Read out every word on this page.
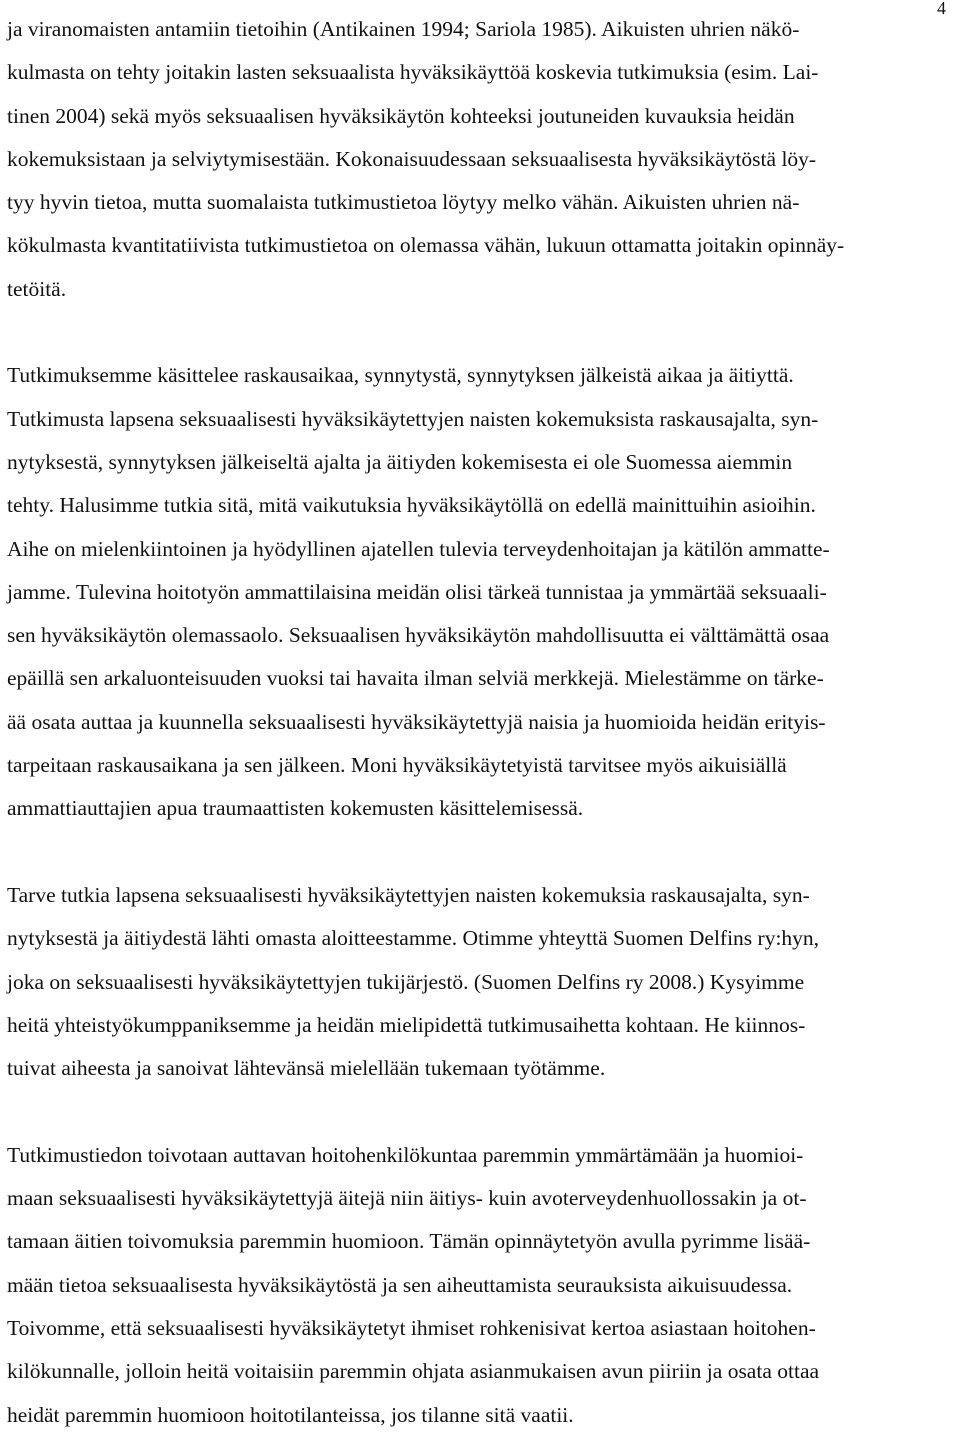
4
ja viranomaisten antamiin tietoihin (Antikainen 1994; Sariola 1985). Aikuisten uhrien näkö-
kulmasta on tehty joitakin lasten seksuaalista hyväksikäyttöä koskevia tutkimuksia (esim. Lai-
tinen 2004) sekä myös seksuaalisen hyväksikäytön kohteeksi joutuneiden kuvauksia heidän
kokemuksistaan ja selviytymisestään. Kokonaisuudessaan seksuaalisesta hyväksikäytöstä löy-
tyy hyvin tietoa, mutta suomalaista tutkimustietoa löytyy melko vähän. Aikuisten uhrien nä-
kökulmasta kvantitatiivista tutkimustietoa on olemassa vähän, lukuun ottamatta joitakin opinnäy-
tetöitä.
Tutkimuksemme käsittelee raskausaikaa, synnytystä, synnytyksen jälkeistä aikaa ja äitiyttä.
Tutkimusta lapsena seksuaalisesti hyväksikäytettyjen naisten kokemuksista raskausajalta, syn-
nytyksestä, synnytyksen jälkeiseltä ajalta ja äitiyden kokemisesta ei ole Suomessa aiemmin
tehty. Halusimme tutkia sitä, mitä vaikutuksia hyväksikäytöllä on edellä mainittuihin asioihin.
Aihe on mielenkiintoinen ja hyödyllinen ajatellen tulevia terveydenhoitajan ja kätilön ammatte-
jamme. Tulevina hoitotyön ammattilaisina meidän olisi tärkeä tunnistaa ja ymmärtää seksuaali-
sen hyväksikäytön olemassaolo. Seksuaalisen hyväksikäytön mahdollisuutta ei välttämättä osaa
epäillä sen arkaluonteisuuden vuoksi tai havaita ilman selviä merkkejä. Mielestämme on tärke-
ää osata auttaa ja kuunnella seksuaalisesti hyväksikäytettyjä naisia ja huomioida heidän erityis-
tarpeitaan raskausaikana ja sen jälkeen. Moni hyväksikäytetyistä tarvitsee myös aikuisiällä
ammattiauttajien apua traumaattisten kokemusten käsittelemisessä.
Tarve tutkia lapsena seksuaalisesti hyväksikäytettyjen naisten kokemuksia raskausajalta, syn-
nytyksestä ja äitiydestä lähti omasta aloitteestamme. Otimme yhteyttä Suomen Delfins ry:hyn,
joka on seksuaalisesti hyväksikäytettyjen tukijärjestö. (Suomen Delfins ry 2008.) Kysyimme
heitä yhteistyökumppaniksemme ja heidän mielipidettä tutkimusaihetta kohtaan. He kiinnos-
tuivat aiheesta ja sanoivat lähtevänsä mielellään tukemaan työtämme.
Tutkimustiedon toivotaan auttavan hoitohenkilökuntaa paremmin ymmärtämään ja huomioi-
maan seksuaalisesti hyväksikäytettyjä äitejä niin äitiys- kuin avoterveydenhuollossakin ja ot-
tamaan äitien toivomuksia paremmin huomioon. Tämän opinnäytetyön avulla pyrimme lisää-
mään tietoa seksuaalisesta hyväksikäytöstä ja sen aiheuttamista seurauksista aikuisuudessa.
Toivomme, että seksuaalisesti hyväksikäytetyt ihmiset rohkenisivat kertoa asiastaan hoitohen-
kilökunnalle, jolloin heitä voitaisiin paremmin ohjata asianmukaisen avun piiriin ja osata ottaa
heidät paremmin huomioon hoitotilanteissa, jos tilanne sitä vaatii.
